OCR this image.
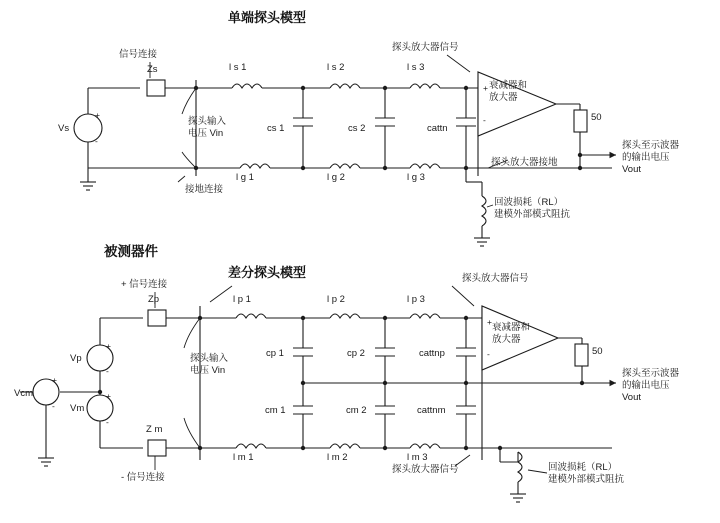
单端探头模型
被测器件
差分探头模型
信号连接
Zs
Vs
+
-
探头输入
电压 Vin
接地连接
l s 1	l s 2	l s 3
cs 1	cs 2	cattn
l g 1	l g 2	l g 3
探头放大器信号
探头放大器接地
衰减器和
放大器
+
-	50
探头至示波器
的输出电压
Vout
回波损耗（RL）
建模外部模式阻抗
+ 信号连接
- 信号连接
Zp
Z m
Vp
Vm
Vcm
+
-
+
-
+
-
探头输入
电压 Vin
l p 1	l p 2	l p 3
cp 1	cp 2	cattnp
cm 1	cm 2	cattnm
l m 1	l m 2	l m 3
探头放大器信号
探头放大器信号
衰减器和
放大器
+
-	50
探头至示波器
的输出电压
Vout
回波损耗（RL）
建模外部模式阻抗
